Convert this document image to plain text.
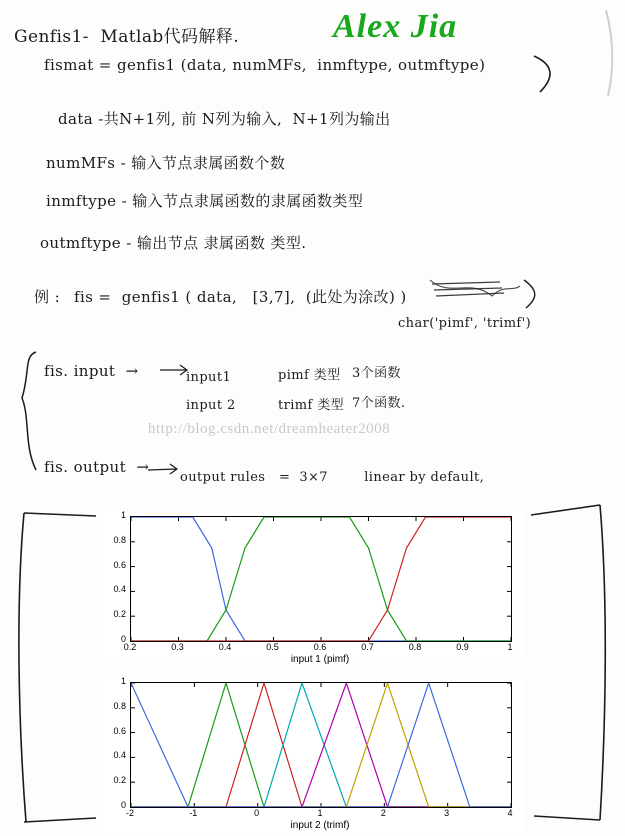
Alex Jia
http://blog.csdn.net/dreamheater2008
Genfis1-  Matlab代码解释.
fismat = genfis1 (data, numMFs,  inmftype, outmftype)
data -共N+1列, 前 N列为输入,  N+1列为输出
numMFs - 输入节点隶属函数个数
inmftype - 输入节点隶属函数的隶属函数类型
outmftype - 输出节点 隶属函数 类型.
例 : fis =  genfis1 ( data,   [3,7],  (此处为涂改) )
char('pimf', 'trimf')
fis. input  →	input1	pimf 类型 3个函数
input 2	trimf 类型 7个函数.
fis. output  →
output rules   =  3×7        linear by default,
0.2	0.3	0.4	0.5	0.6	0.7	0.8	0.9	1
0
0.2
0.4
0.6
0.8
1
input 1 (pimf)
-2	-1	0	1	2	3	4
0
0.2
0.4
0.6
0.8
1
input 2 (trimf)
